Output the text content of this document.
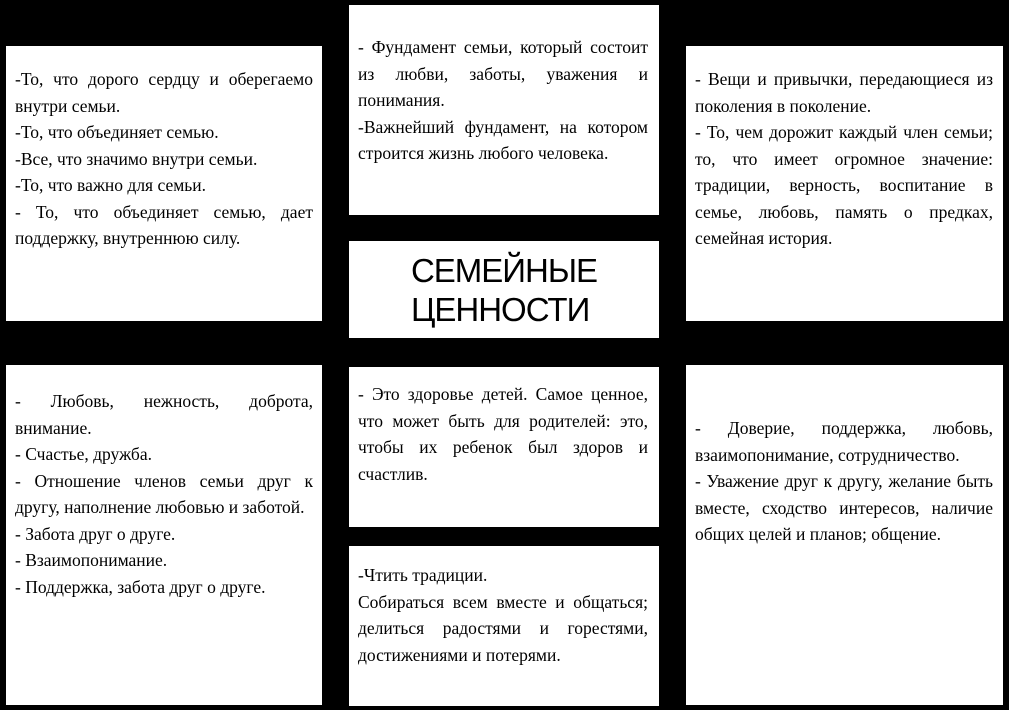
-То, что дорого сердцу и оберегаемо внутри семьи.

-То, что объединяет семью.

-Все, что значимо внутри семьи.

-То, что важно для семьи.

- То, что объединяет семью, дает поддержку, внутреннюю силу.

- Фундамент семьи, который состоит из любви, заботы, уважения и понимания.

-Важнейший фундамент, на котором строится жизнь любого человека.

- Вещи и привычки, передающиеся из поколения в поколение.

- То, чем дорожит каждый член семьи; то, что имеет огромное значение: традиции, верность, воспитание в семье, любовь, память о предках, семейная история.

СЕМЕЙНЫЕ
ЦЕННОСТИ

- Любовь, нежность, доброта, внимание.

- Счастье, дружба.

- Отношение членов семьи друг к другу, наполнение любовью и заботой.

- Забота друг о друге.

- Взаимопонимание.

- Поддержка, забота друг о друге.

- Это здоровье детей. Самое ценное, что может быть для родителей: это, чтобы их ребенок был здоров и счастлив.

-Чтить традиции.

Собираться всем вместе и общаться; делиться радостями и горестями, достижениями и потерями.

- Доверие, поддержка, любовь, взаимопонимание, сотрудничество.

- Уважение друг к другу, желание быть вместе, сходство интересов, наличие общих целей и планов; общение.
